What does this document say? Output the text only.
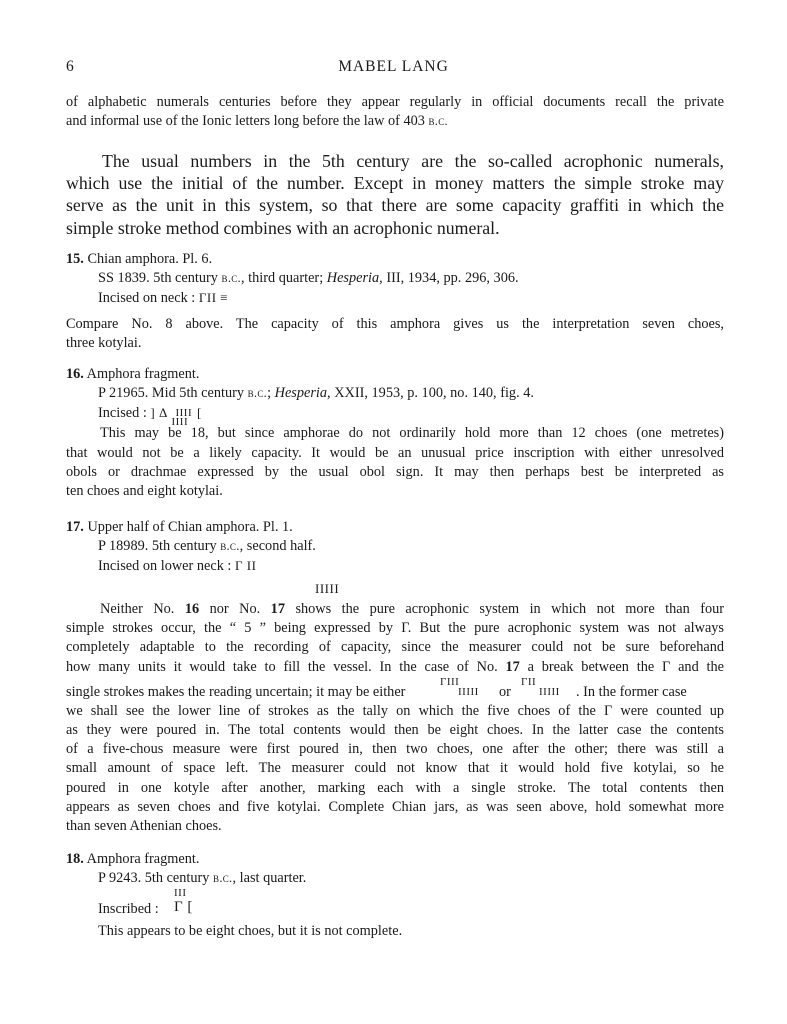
6	MABEL LANG
of alphabetic numerals centuries before they appear regularly in official documents recall the private
and informal use of the Ionic letters long before the law of 403 b.c.
The usual numbers in the 5th century are the so-called acrophonic numerals,
which use the initial of the number. Except in money matters the simple stroke may
serve as the unit in this system, so that there are some capacity graffiti in which the
simple stroke method combines with an acrophonic numeral.
15. Chian amphora. Pl. 6.
SS 1839. 5th century b.c., third quarter; Hesperia, III, 1934, pp. 296, 306.
Incised on neck : ΓΙΙ ≡
Compare No. 8 above. The capacity of this amphora gives us the interpretation seven choes,
three kotylai.
16. Amphora fragment.
P 21965. Mid 5th century b.c.; Hesperia, XXII, 1953, p. 100, no. 140, fig. 4.
Incised : ] Δ IIII
IIII
[
This may be 18, but since amphorae do not ordinarily hold more than 12 choes (one metretes)
that would not be a likely capacity. It would be an unusual price inscription with either unresolved
obols or drachmae expressed by the usual obol sign. It may then perhaps best be interpreted as
ten choes and eight kotylai.
17. Upper half of Chian amphora. Pl. 1.
P 18989. 5th century b.c., second half.
Incised on lower neck : Γ ΙΙ
IIIII
Neither No. 16 nor No. 17 shows the pure acrophonic system in which not more than four
simple strokes occur, the “ 5 ” being expressed by Γ. But the pure acrophonic system was not always
completely adaptable to the recording of capacity, since the measurer could not be sure beforehand
how many units it would take to fill the vessel. In the case of No. 17 a break between the Γ and the
single strokes makes the reading uncertain; it may be either
ΓΙΙΙ
IIIII or
ΓΙΙ
IIIII . In the former case
we shall see the lower line of strokes as the tally on which the five choes of the Γ were counted up
as they were poured in. The total contents would then be eight choes. In the latter case the contents
of a five-chous measure were first poured in, then two choes, one after the other; there was still a
small amount of space left. The measurer could not know that it would hold five kotylai, so he
poured in one kotyle after another, marking each with a single stroke. The total contents then
appears as seven choes and five kotylai. Complete Chian jars, as was seen above, hold somewhat more
than seven Athenian choes.
18. Amphora fragment.
P 9243. 5th century b.c., last quarter.
Inscribed :
III
Γ [
This appears to be eight choes, but it is not complete.
